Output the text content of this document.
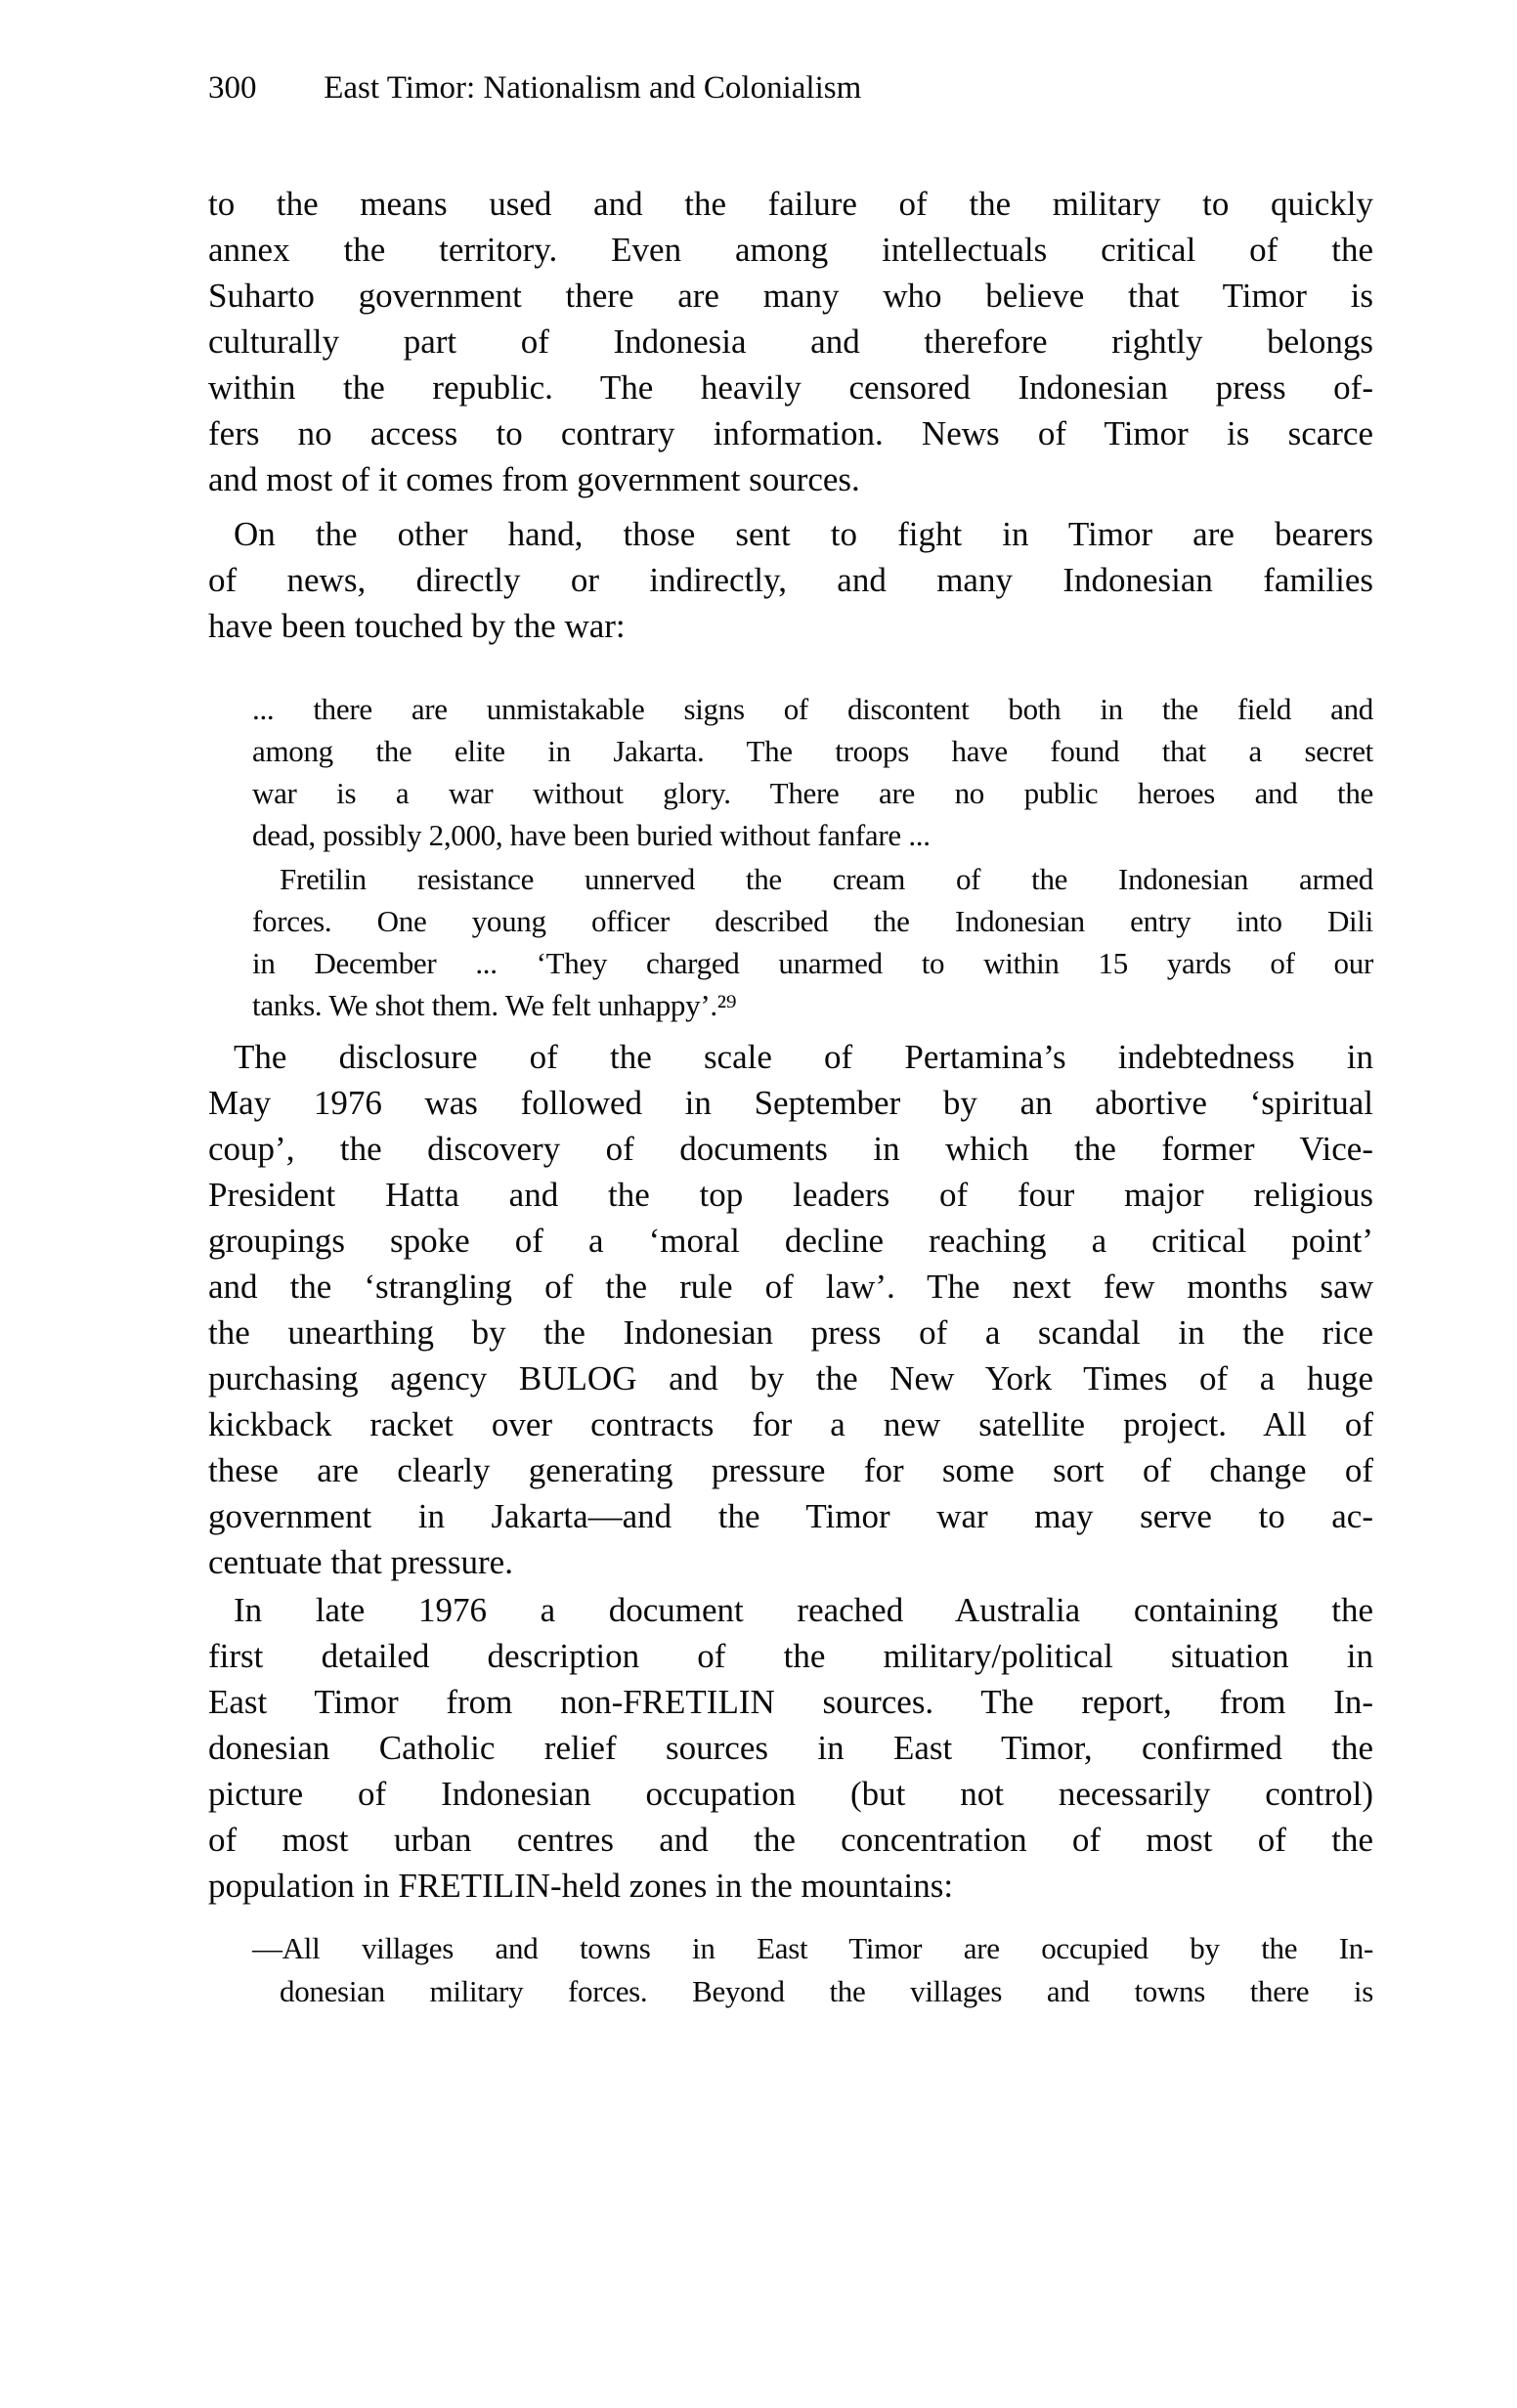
300 East Timor: Nationalism and Colonialism
to the means used and the failure of the military to quickly
annex the territory. Even among intellectuals critical of the
Suharto government there are many who believe that Timor is
culturally part of Indonesia and therefore rightly belongs
within the republic. The heavily censored Indonesian press of-
fers no access to contrary information. News of Timor is scarce
and most of it comes from government sources.
On the other hand, those sent to fight in Timor are bearers
of news, directly or indirectly, and many Indonesian families
have been touched by the war:
... there are unmistakable signs of discontent both in the field and
among the elite in Jakarta. The troops have found that a secret
war is a war without glory. There are no public heroes and the
dead, possibly 2,000, have been buried without fanfare ...
Fretilin resistance unnerved the cream of the Indonesian armed
forces. One young officer described the Indonesian entry into Dili
in December ... ‘They charged unarmed to within 15 yards of our
tanks. We shot them. We felt unhappy’.²⁹
The disclosure of the scale of Pertamina’s indebtedness in
May 1976 was followed in September by an abortive ‘spiritual
coup’, the discovery of documents in which the former Vice-
President Hatta and the top leaders of four major religious
groupings spoke of a ‘moral decline reaching a critical point’
and the ‘strangling of the rule of law’. The next few months saw
the unearthing by the Indonesian press of a scandal in the rice
purchasing agency BULOG and by the New York Times of a huge
kickback racket over contracts for a new satellite project. All of
these are clearly generating pressure for some sort of change of
government in Jakarta—and the Timor war may serve to ac-
centuate that pressure.
In late 1976 a document reached Australia containing the
first detailed description of the military/political situation in
East Timor from non-FRETILIN sources. The report, from In-
donesian Catholic relief sources in East Timor, confirmed the
picture of Indonesian occupation (but not necessarily control)
of most urban centres and the concentration of most of the
population in FRETILIN-held zones in the mountains:
—All villages and towns in East Timor are occupied by the In-
donesian military forces. Beyond the villages and towns there is
